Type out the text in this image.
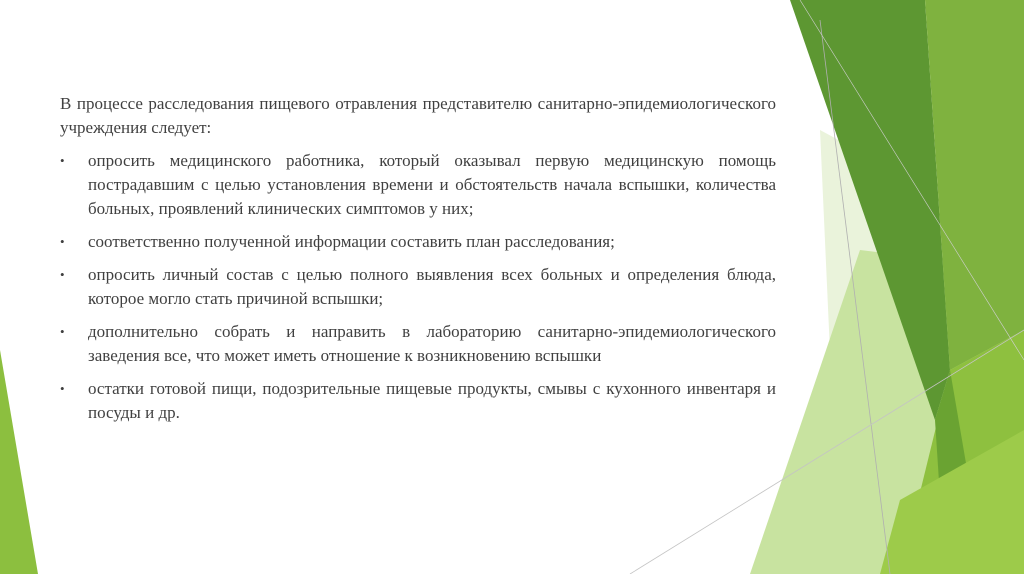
В процессе расследования пищевого отравления представителю санитарно-эпидемиологического учреждения следует:

• опросить медицинского работника, который оказывал первую медицинскую помощь пострадавшим с целью установления времени и обстоятельств начала вспышки, количества больных, проявлений клинических симптомов у них;
• соответственно полученной информации составить план расследования;
• опросить личный состав с целью полного выявления всех больных и определения блюда, которое могло стать причиной вспышки;
• дополнительно собрать и направить в лабораторию санитарно-эпидемиологического заведения все, что может иметь отношение к возникновению вспышки
• остатки готовой пищи, подозрительные пищевые продукты, смывы с кухонного инвентаря и посуды и др.
